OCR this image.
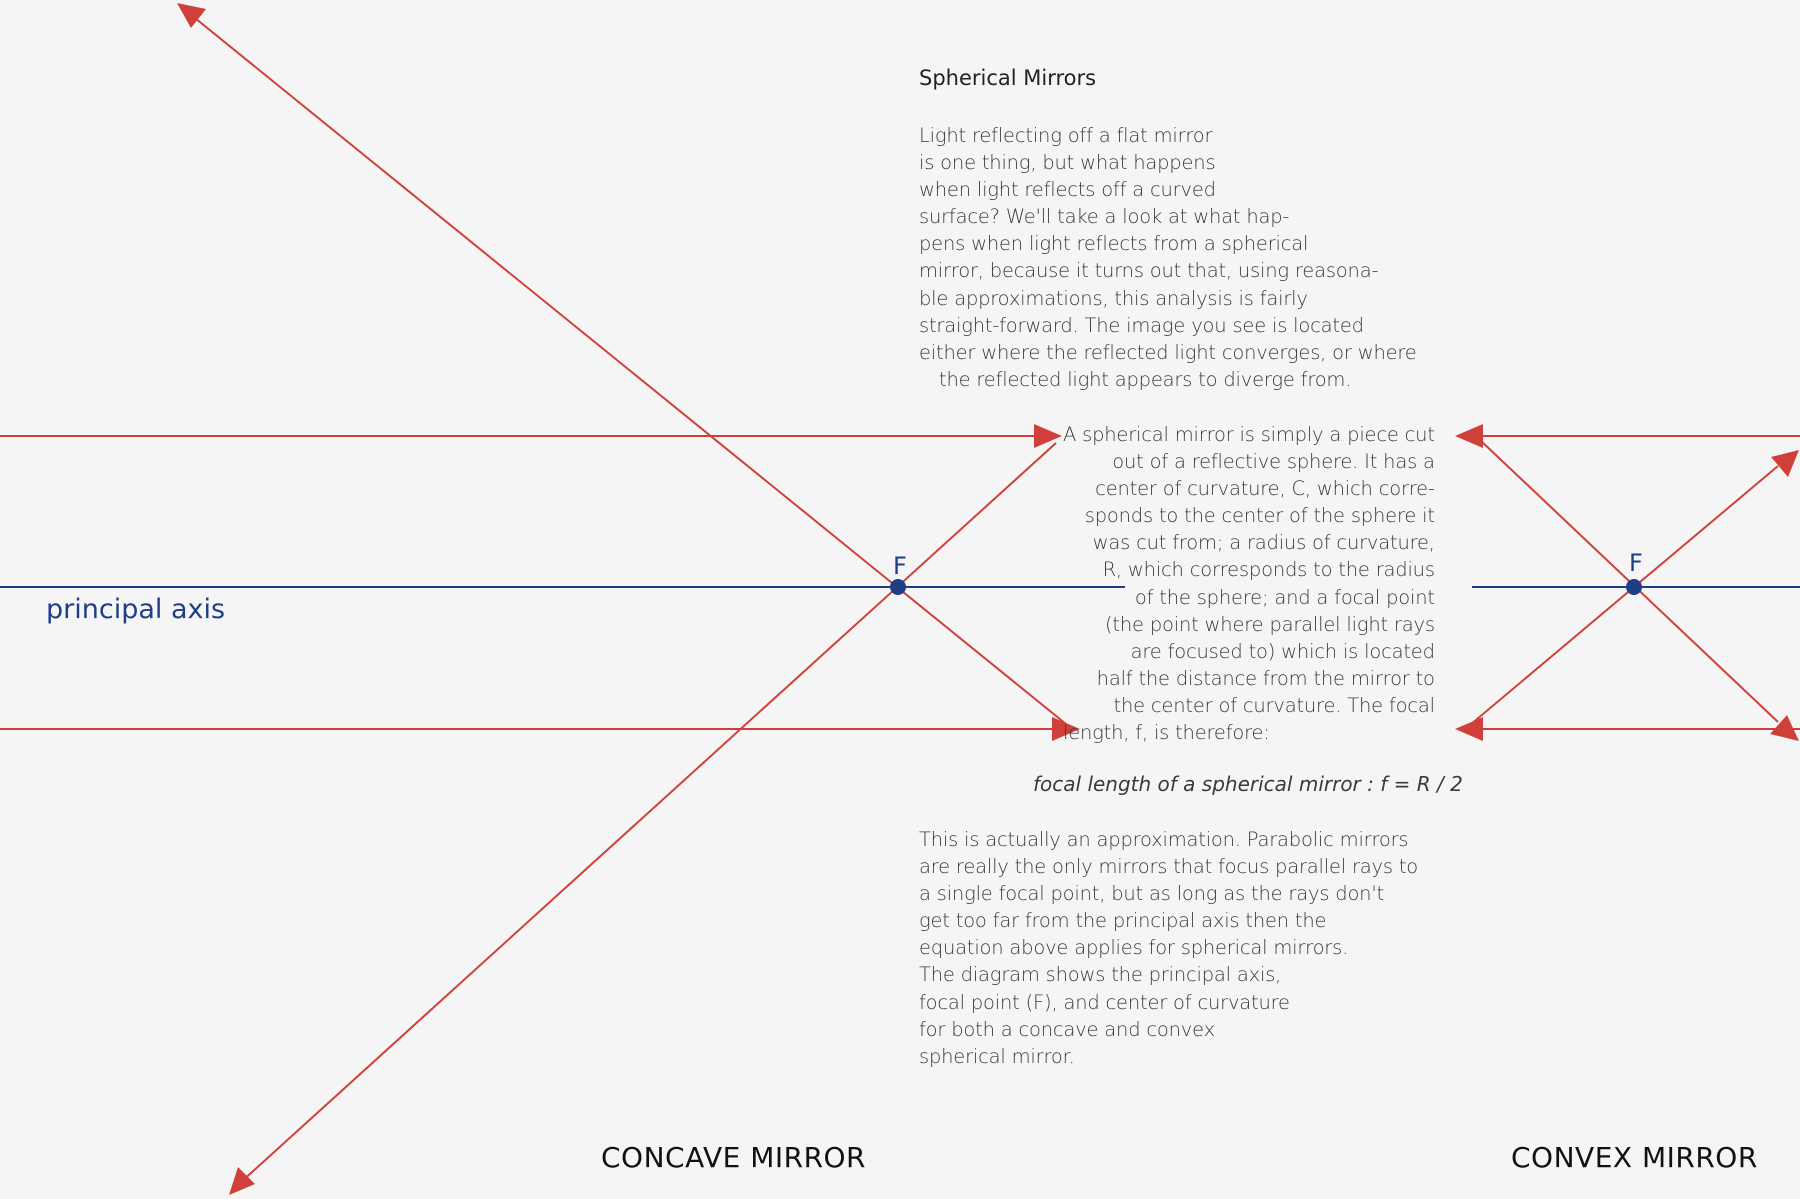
F	F
principal axis
Spherical Mirrors
Light reflecting off a flat mirror
is one thing, but what happens
when light reflects off a curved
surface? We'll take a look at what hap-
pens when light reflects from a spherical
mirror, because it turns out that, using reasona-
ble approximations, this analysis is fairly
straight-forward. The image you see is located
either where the reflected light converges, or where
the reflected light appears to diverge from.
A spherical mirror is simply a piece cut
out of a reflective sphere. It has a
center of curvature, C, which corre-
sponds to the center of the sphere it
was cut from; a radius of curvature,
R, which corresponds to the radius
of the sphere; and a focal point
(the point where parallel light rays
are focused to) which is located
half the distance from the mirror to
the center of curvature. The focal
length, f, is therefore:
focal length of a spherical mirror : f = R / 2
This is actually an approximation. Parabolic mirrors
are really the only mirrors that focus parallel rays to
a single focal point, but as long as the rays don't
get too far from the principal axis then the
equation above applies for spherical mirrors.
The diagram shows the principal axis,
focal point (F), and center of curvature
for both a concave and convex
spherical mirror.
CONCAVE MIRROR	CONVEX MIRROR
